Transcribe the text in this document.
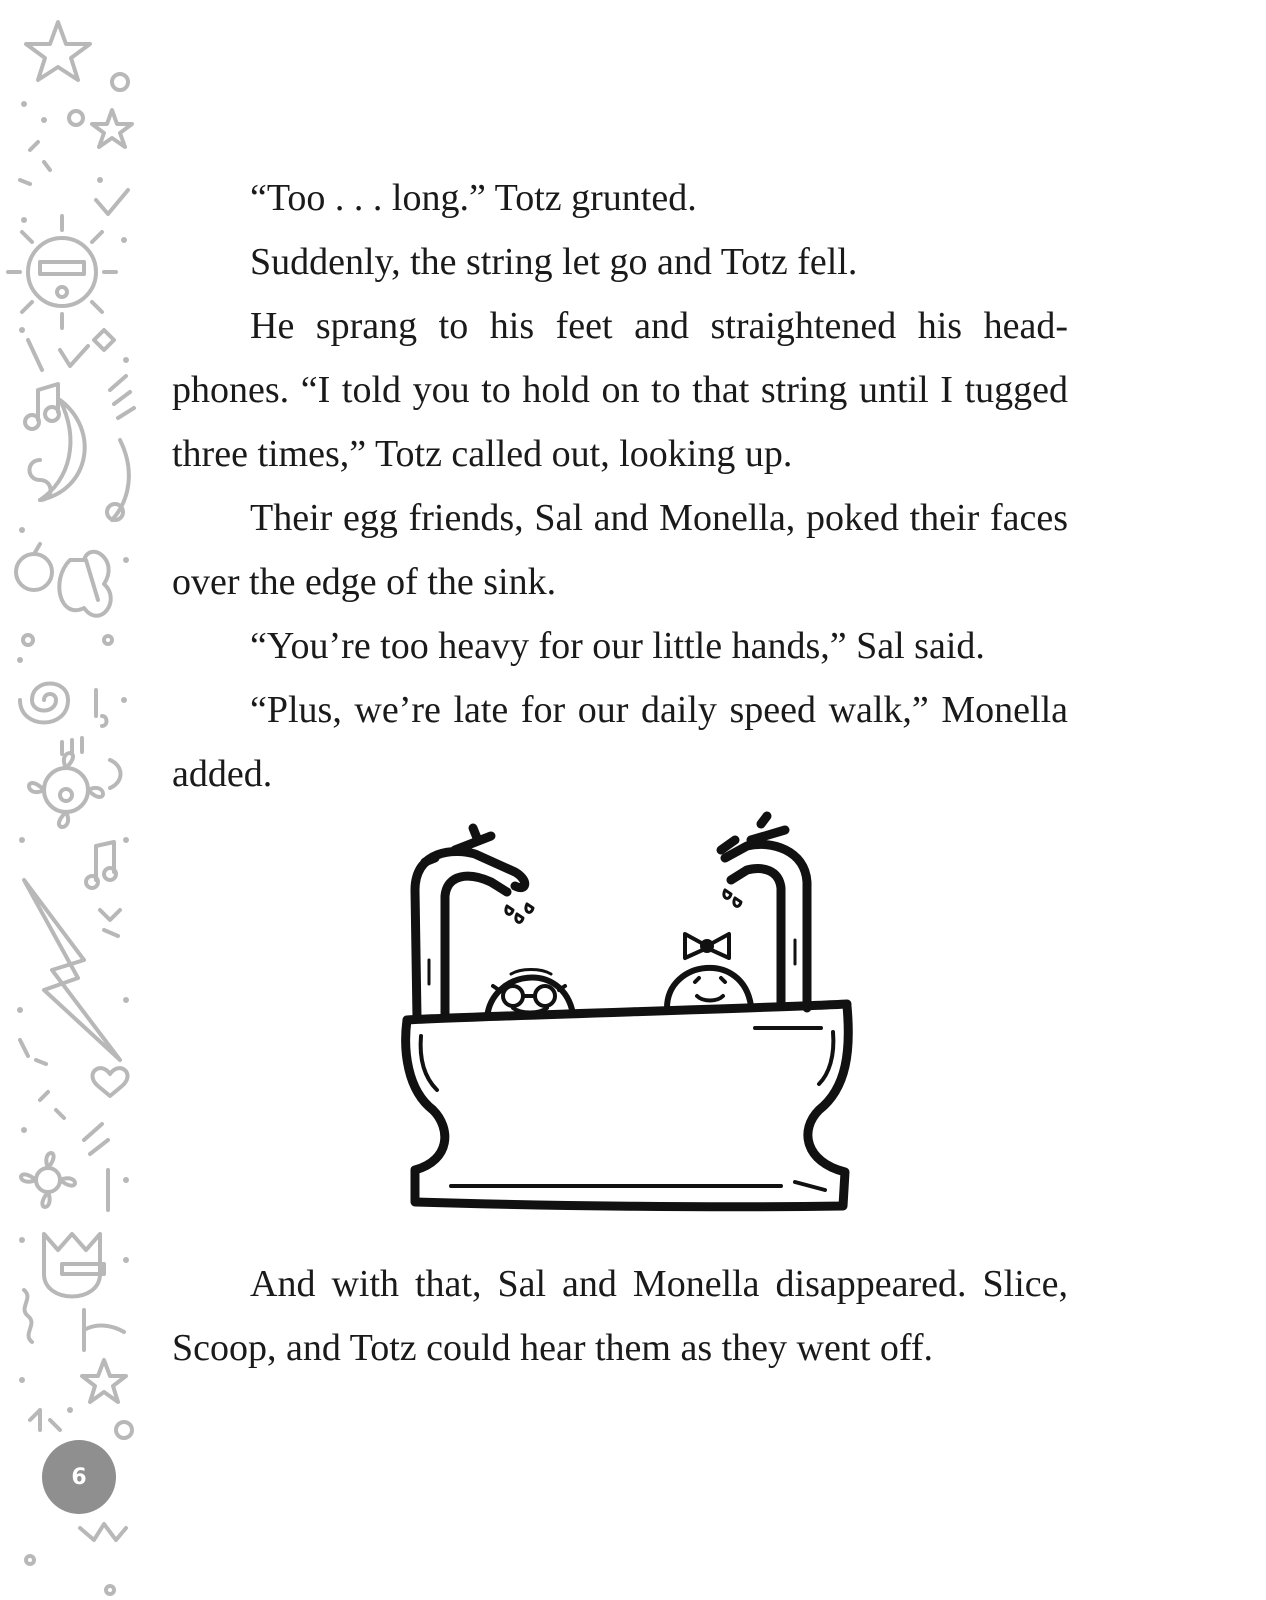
6

“Too . . . long.” Totz grunted.

Suddenly, the string let go and Totz fell.

He sprang to his feet and straightened his headphones. “I told you to hold on to that string until I tugged three times,” Totz called out, looking up.

Their egg friends, Sal and Monella, poked their faces over the edge of the sink.

“You’re too heavy for our little hands,” Sal said.

“Plus, we’re late for our daily speed walk,” Monella added.

And with that, Sal and Monella disappeared. Slice, Scoop, and Totz could hear them as they went off.
